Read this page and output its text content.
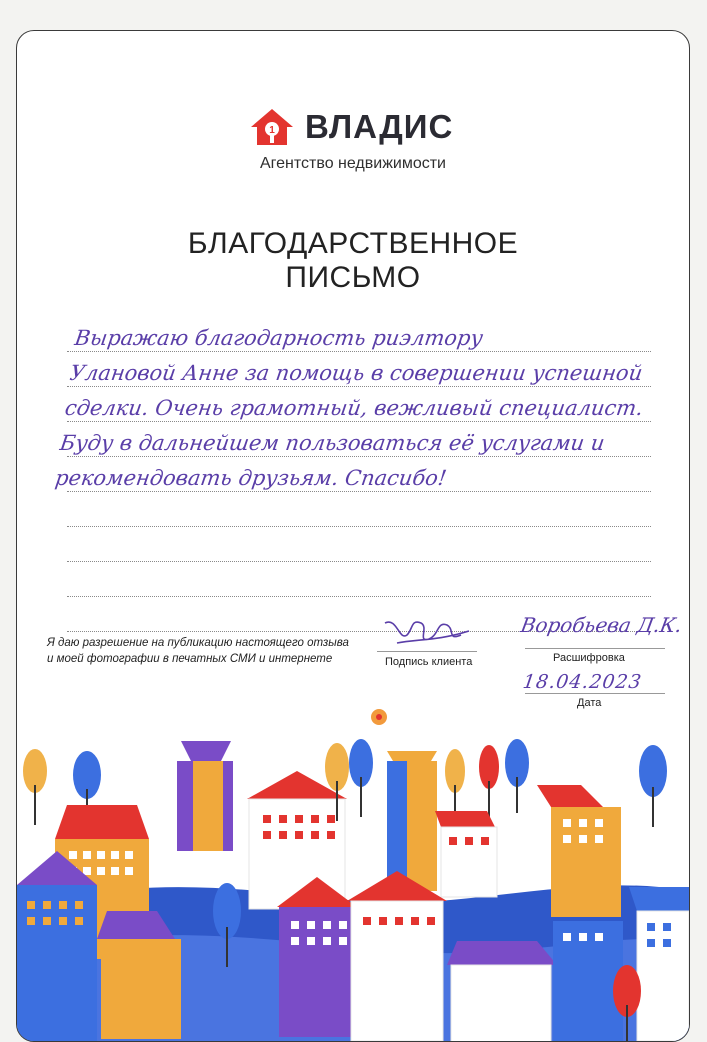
1 ВЛАДИС
Агентство недвижимости
БЛАГОДАРСТВЕННОЕ
ПИСЬМО

Выражаю благодарность риэлтору

Улановой Анне за помощь в совершении успешной

сделки. Очень грамотный, вежливый специалист.

Буду в дальнейшем пользоваться её услугами и

рекомендовать друзьям. Спасибо!

Я даю разрешение на публикацию настоящего отзыва
и моей фотографии в печатных СМИ и интернете	Подпись клиента
Воробьева Д.К.
Расшифровка
18.04.2023
Дата
